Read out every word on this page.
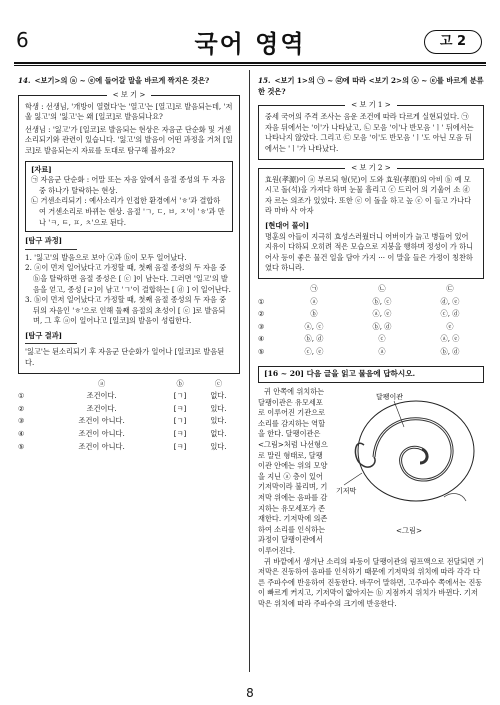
6	국어 영역	고 2

14. <보기>의 ⓐ ~ ⓔ에 들어갈 말을 바르게 짝지은 것은?

< 보 기 >

학생 : 선생님, '개방이 열렸다'는 '열고'는 [열고]로 발음되는데, '저울 잃고'의 '잃고'는 왜 [일코]로 발음되나요?

선생님 : '잃고'가 [일코]로 발음되는 현상은 자음군 단순화 및 거센소리되기와 관련이 있습니다. '잃고'의 발음이 어떤 과정을 거쳐 [일코]로 발음되는지 자료를 토대로 탐구해 볼까요?

[자료]

㉠ 자음군 단순화 : 어말 또는 자음 앞에서 음절 종성의 두 자음 중 하나가 탈락하는 현상.

㉡ 거센소리되기 : 예사소리가 인접한 환경에서 'ㅎ'과 결합하여 거센소리로 바뀌는 현상. 음절 'ㄱ, ㄷ, ㅂ, ㅈ'이 'ㅎ'과 만나 'ㅋ, ㅌ, ㅍ, ㅊ'으로 된다.

[탐구 과정]

1. '잃고'의 발음으로 보아 ⓐ과 ⓑ이 모두 일어났다.

2. ⓐ이 먼저 일어났다고 가정할 때, 첫째 음절 종성의 두 자음 중 ⓑ을 탈락하면 음절 종성은 [ ⓒ ]이 남는다. 그러면 '일고'의 발음을 얻고, 종성 [ㄹ]이 남고 'ㄱ'이 결합하는 [ ⓓ ] 이 일어난다.

3. ⓑ이 먼저 일어났다고 가정할 때, 첫째 음절 종성의 두 자음 중 뒤의 자음인 'ㅎ'으로 인해 둘째 음절의 초성이 [ ⓔ ]로 발음되며, 그 후 ⓐ이 일어나고 [일코]의 발음이 성립한다.

[탐구 결과]

'잃고'는 된소리되기 후 자음군 단순화가 일어나 [일코]로 발음된다.

	ⓐ	ⓑ	ⓒ
①	조건이다.	[ㄱ]	없다.
②	조건이다.	[ㅋ]	있다.
③	조건이 아니다.	[ㄱ]	있다.
④	조건이 아니다.	[ㅋ]	없다.
⑤	조건이 아니다.	[ㅋ]	있다.

15. <보기 1>의 ㉠ ~ ㉣에 따라 <보기 2>의 ⓐ ~ ⓔ를 바르게 분류한 것은?

< 보 기 1 >

중세 국어의 주격 조사는 음운 조건에 따라 다르게 실현되었다. ㉠ 자음 뒤에서는 '이'가 나타났고, ㉡ 모음 '이'나 반모음 'ㅣ' 뒤에서는 나타나지 않았다. 그리고 ㉢ 모음 '이'도 반모음 'ㅣ'도 아닌 모음 뒤에서는 'ㅣ'가 나타났다.

< 보 기 2 >

효원(孝源)이 ⓐ 부르되 형(兄)이 도와 효원(孝原)의 아비 ⓑ 예 모시고 돌(석)을 가져다 하며 눈물 흘리고 ⓒ 드리어 의 기울어 소 ⓓ 자 르는 의조가 있었다. 또한 ⓔ 이 돌을 하고 높 ⓔ 이 들고 가나다라 마바 사 아자

[현대어 풀이]

명훈의 아들이 지극히 효성스러웠더니 어버이가 늙고 병들어 있어 지유이 다하되 오히려 적은 모습으로 지붕을 행하며 정성이 가 하니 어사 등이 좋은 물건 일을 담아 가지 ··· 이 말을 들은 가정이 칭찬하였다 하니라.

	㉠	㉡	㉢
①	ⓐ	ⓑ, ⓒ	ⓓ, ⓔ
②	ⓑ	ⓐ, ⓔ	ⓒ, ⓓ
③	ⓐ, ⓒ	ⓑ, ⓓ	ⓔ
④	ⓑ, ⓓ	ⓒ	ⓐ, ⓔ
⑤	ⓒ, ⓔ	ⓐ	ⓑ, ⓓ
[16 ~ 20] 다음 글을 읽고 물음에 답하시오.
기저막
달팽이관
<그림>

귀 안쪽에 위치하는 달팽이관은 유모세포로 이루어진 기관으로 소리를 감지하는 역할을 한다. 달팽이관은 <그림>처럼 나선형으로 말린 형태로, 달팽이관 안에는 위의 모양을 지닌 ⓐ 층이 있어 기저막이라 불리며, 기저막 위에는 음파를 감지하는 유모세포가 존재한다. 기저막에 의존하여 소리를 인식하는 과정이 달팽이관에서 이루어진다.

귀 바깥에서 생겨난 소리의 파동이 달팽이관의 림프액으로 전달되면 기저막은 진동하여 음파를 인식하기 때문에 기저막의 위치에 따라 각각 다른 주파수에 반응하여 진동한다. 바꾸어 말하면, 고주파수 쪽에서는 진동이 빠르게 커지고, 기저막이 얇아지는 ⓑ 지점까지 위치가 바뀐다. 기저막은 위치에 따라 주파수의 크기에 반응한다.

8
